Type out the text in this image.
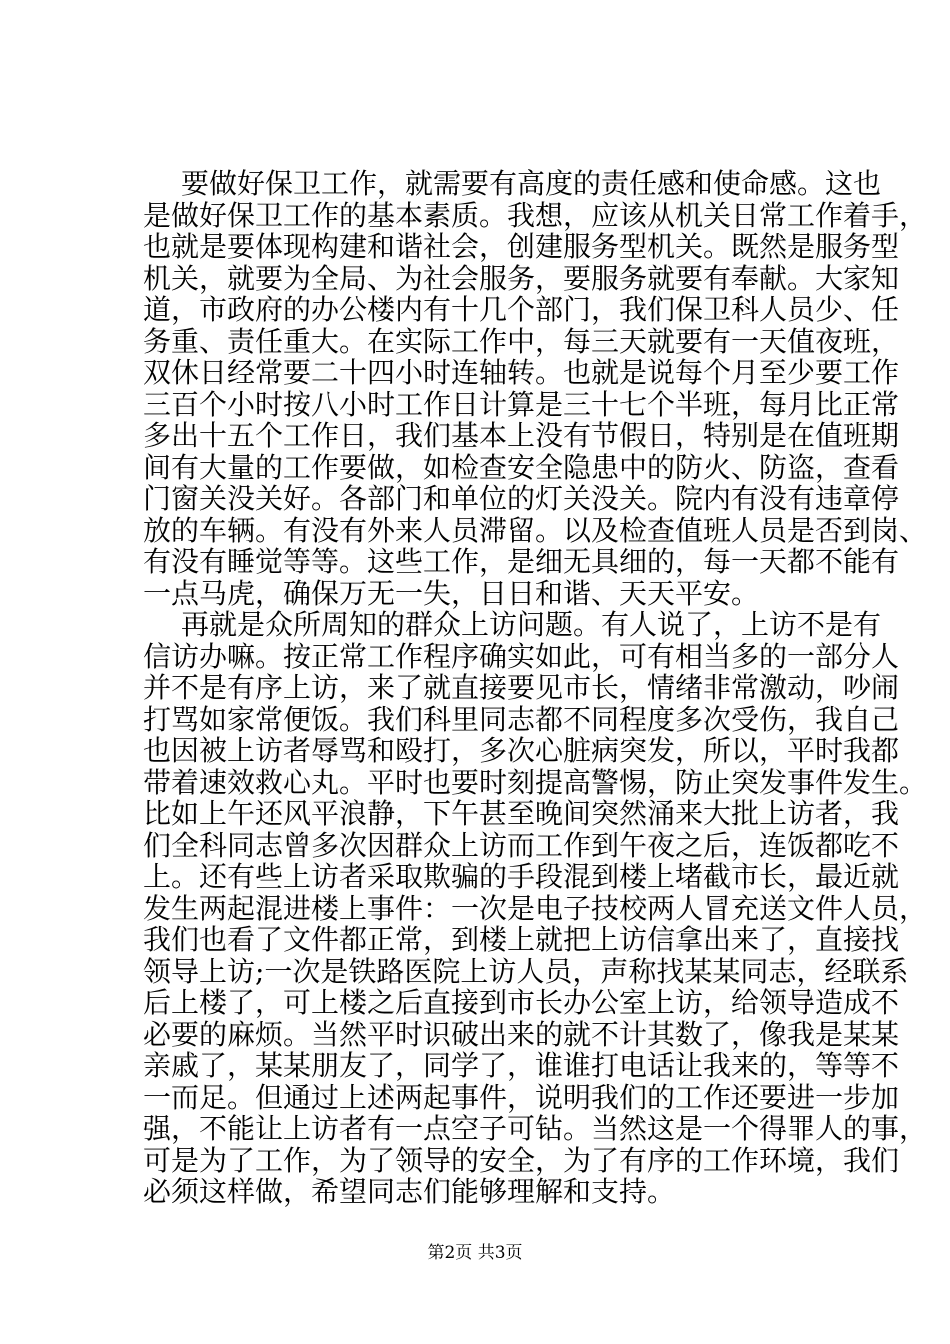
要做好保卫工作，就需要有高度的责任感和使命感。这也
是做好保卫工作的基本素质。我想，应该从机关日常工作着手，
也就是要体现构建和谐社会，创建服务型机关。既然是服务型
机关，就要为全局、为社会服务，要服务就要有奉献。大家知
道，市政府的办公楼内有十几个部门，我们保卫科人员少、任
务重、责任重大。在实际工作中，每三天就要有一天值夜班，
双休日经常要二十四小时连轴转。也就是说每个月至少要工作
三百个小时按八小时工作日计算是三十七个半班，每月比正常
多出十五个工作日，我们基本上没有节假日，特别是在值班期
间有大量的工作要做，如检查安全隐患中的防火、防盗，查看
门窗关没关好。各部门和单位的灯关没关。院内有没有违章停
放的车辆。有没有外来人员滞留。以及检查值班人员是否到岗、
有没有睡觉等等。这些工作，是细无具细的，每一天都不能有
一点马虎，确保万无一失，日日和谐、天天平安。
再就是众所周知的群众上访问题。有人说了，上访不是有
信访办嘛。按正常工作程序确实如此，可有相当多的一部分人
并不是有序上访，来了就直接要见市长，情绪非常激动，吵闹
打骂如家常便饭。我们科里同志都不同程度多次受伤，我自己
也因被上访者辱骂和殴打，多次心脏病突发，所以，平时我都
带着速效救心丸。平时也要时刻提高警惕，防止突发事件发生。
比如上午还风平浪静，下午甚至晚间突然涌来大批上访者，我
们全科同志曾多次因群众上访而工作到午夜之后，连饭都吃不
上。还有些上访者采取欺骗的手段混到楼上堵截市长，最近就
发生两起混进楼上事件：一次是电子技校两人冒充送文件人员，
我们也看了文件都正常，到楼上就把上访信拿出来了，直接找
领导上访;一次是铁路医院上访人员，声称找某某同志，经联系
后上楼了，可上楼之后直接到市长办公室上访，给领导造成不
必要的麻烦。当然平时识破出来的就不计其数了，像我是某某
亲戚了，某某朋友了，同学了，谁谁打电话让我来的，等等不
一而足。但通过上述两起事件，说明我们的工作还要进一步加
强，不能让上访者有一点空子可钻。当然这是一个得罪人的事，
可是为了工作，为了领导的安全，为了有序的工作环境，我们
必须这样做，希望同志们能够理解和支持。
第2页 共3页
